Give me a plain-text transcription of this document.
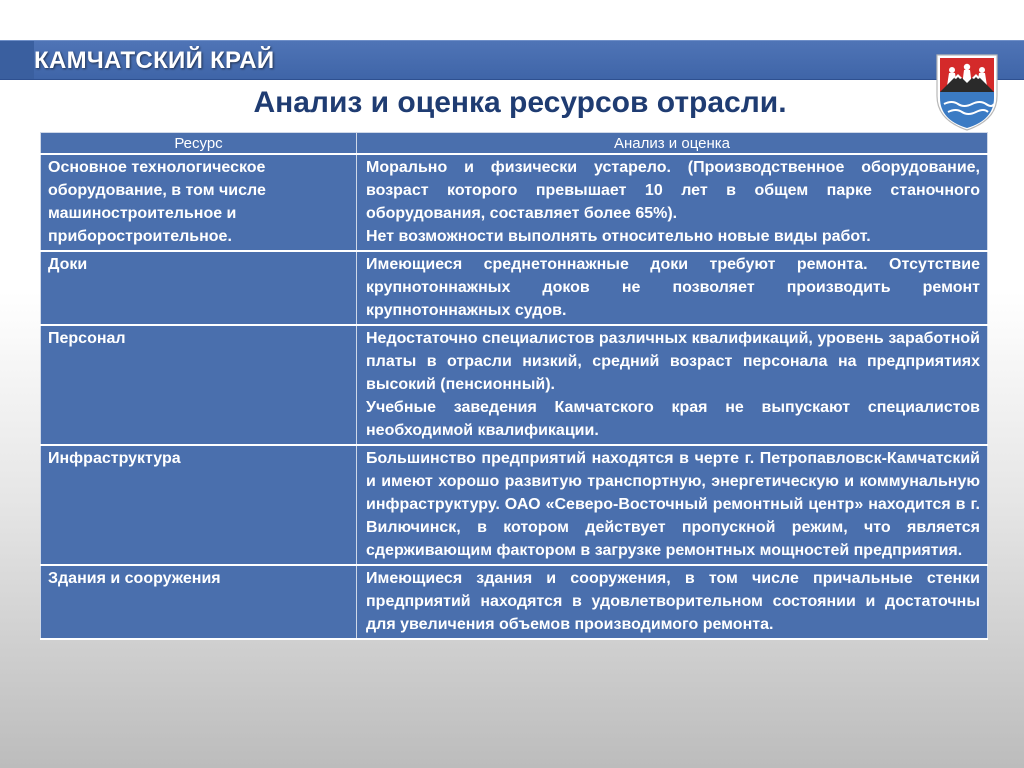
КАМЧАТСКИЙ КРАЙ
Анализ и оценка ресурсов отрасли.
Ресурс	Анализ и оценка
Основное технологическое оборудование, в том числе машиностроительное и приборостроительное.	Морально и физически устарело. (Производственное оборудование, возраст которого превышает 10 лет в общем парке станочного оборудования, составляет более 65%).
Нет возможности выполнять относительно новые виды работ.

Доки	Имеющиеся среднетоннажные доки требуют ремонта. Отсутствие крупнотоннажных доков не позволяет производить ремонт крупнотоннажных судов.

Персонал	Недостаточно специалистов различных квалификаций, уровень заработной платы в отрасли низкий, средний возраст персонала на предприятиях высокий (пенсионный).
Учебные заведения Камчатского края не выпускают специалистов необходимой квалификации.

Инфраструктура	Большинство предприятий находятся в черте г. Петропавловск-Камчатский и имеют хорошо развитую транспортную, энергетическую и коммунальную инфраструктуру. ОАО «Северо-Восточный ремонтный центр» находится в г. Вилючинск, в котором действует пропускной режим, что является сдерживающим фактором в загрузке ремонтных мощностей предприятия.

Здания и сооружения	Имеющиеся здания и сооружения, в том числе причальные стенки предприятий находятся в удовлетворительном состоянии и достаточны для увеличения объемов производимого ремонта.
